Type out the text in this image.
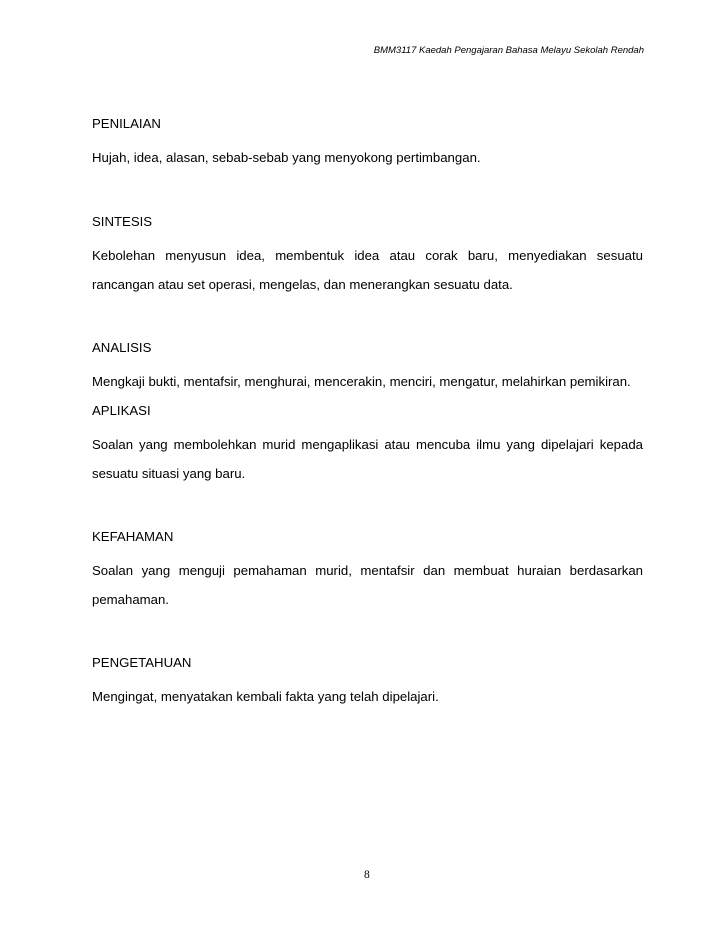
BMM3117 Kaedah Pengajaran Bahasa Melayu Sekolah Rendah
PENILAIAN

Hujah, idea, alasan, sebab-sebab yang menyokong pertimbangan.

SINTESIS

Kebolehan menyusun idea, membentuk idea atau corak baru, menyediakan sesuatu rancangan atau set operasi, mengelas, dan menerangkan sesuatu data.

ANALISIS

Mengkaji bukti, mentafsir, menghurai, mencerakin, menciri, mengatur, melahirkan pemikiran.

APLIKASI

Soalan yang membolehkan murid mengaplikasi atau mencuba ilmu yang dipelajari kepada sesuatu situasi yang baru.

KEFAHAMAN

Soalan yang menguji pemahaman murid, mentafsir dan membuat huraian berdasarkan pemahaman.

PENGETAHUAN

Mengingat, menyatakan kembali fakta yang telah dipelajari.

8
